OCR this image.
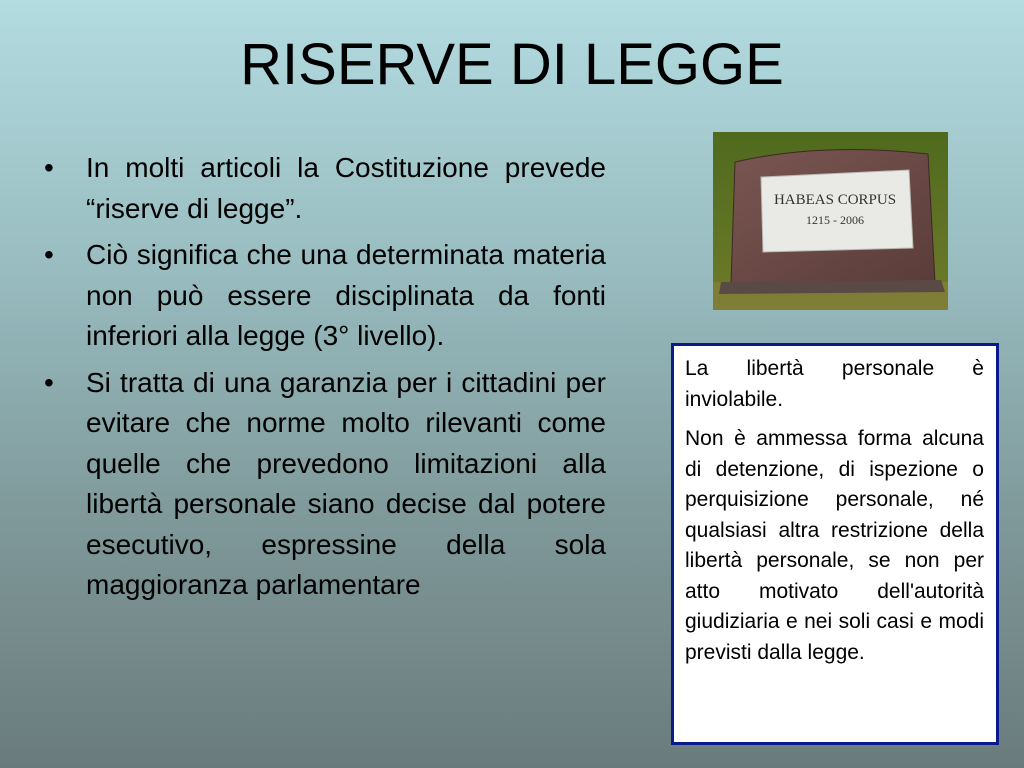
RISERVE DI LEGGE
•	In molti articoli la Costituzione prevede “riserve di legge”.
•	Ciò significa che una determinata materia non può essere disciplinata da fonti inferiori alla legge (3° livello).
•	Si tratta di una garanzia per i cittadini per evitare che norme molto rilevanti come quelle che prevedono limitazioni alla libertà personale siano decise dal potere esecutivo, espressine della sola maggioranza parlamentare
HABEAS CORPUS
1215 - 2006

La libertà personale è inviolabile.

Non è ammessa forma alcuna di detenzione, di ispezione o perquisizione personale, né qualsiasi altra restrizione della libertà personale, se non per atto motivato dell'autorità giudiziaria e nei soli casi e modi previsti dalla legge.
